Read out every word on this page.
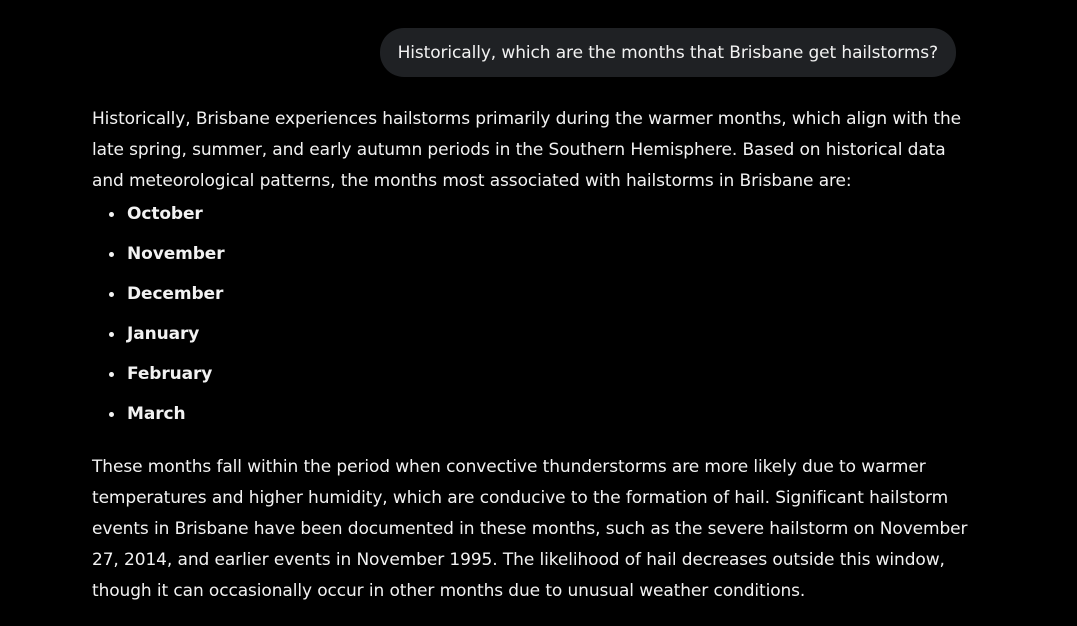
Historically, which are the months that Brisbane get hailstorms?

Historically, Brisbane experiences hailstorms primarily during the warmer months, which align with the late spring, summer, and early autumn periods in the Southern Hemisphere. Based on historical data and meteorological patterns, the months most associated with hailstorms in Brisbane are:

October
November
December
January
February
March

These months fall within the period when convective thunderstorms are more likely due to warmer temperatures and higher humidity, which are conducive to the formation of hail. Significant hailstorm events in Brisbane have been documented in these months, such as the severe hailstorm on November 27, 2014, and earlier events in November 1995. The likelihood of hail decreases outside this window, though it can occasionally occur in other months due to unusual weather conditions.
